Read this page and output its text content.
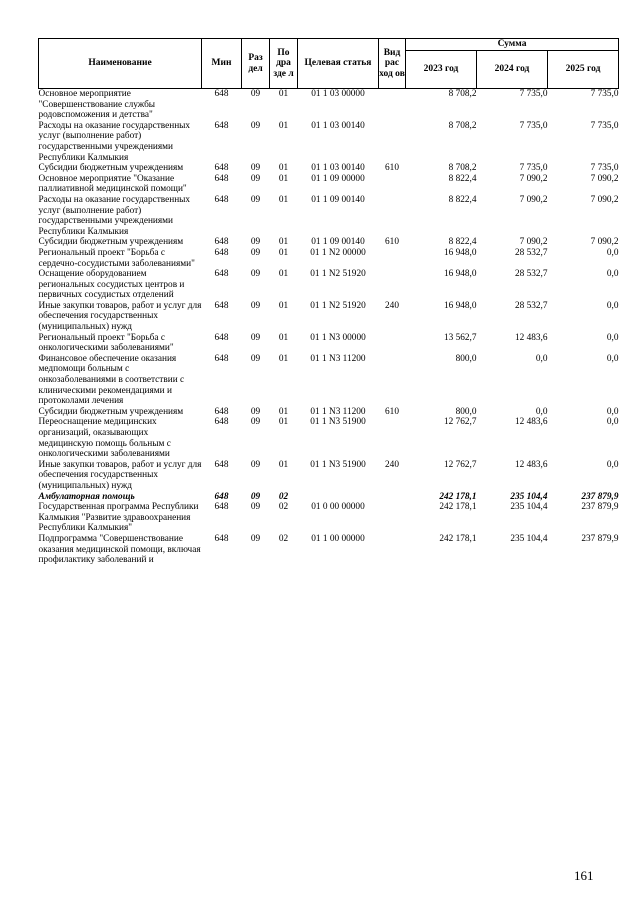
Наименование	Мин	Раз дел	По дра зде л	Целевая статья	Вид рас ход ов	Сумма		
						2023 год	2024 год	2025 год
Основное мероприятие "Совершенствование службы родовспоможения и детства"	648	09	01	01 1 03 00000		8 708,2	7 735,0	7 735,0
Расходы на оказание государственных услуг (выполнение работ) государственными учреждениями Республики Калмыкия	648	09	01	01 1 03 00140		8 708,2	7 735,0	7 735,0
Субсидии бюджетным учреждениям	648	09	01	01 1 03 00140	610	8 708,2	7 735,0	7 735,0
Основное мероприятие "Оказание паллиативной медицинской помощи"	648	09	01	01 1 09 00000		8 822,4	7 090,2	7 090,2
Расходы на оказание государственных услуг (выполнение работ) государственными учреждениями Республики Калмыкия	648	09	01	01 1 09 00140		8 822,4	7 090,2	7 090,2
Субсидии бюджетным учреждениям	648	09	01	01 1 09 00140	610	8 822,4	7 090,2	7 090,2
Региональный проект "Борьба с сердечно-сосудистыми заболеваниями"	648	09	01	01 1 N2 00000		16 948,0	28 532,7	0,0
Оснащение оборудованием региональных сосудистых центров и первичных сосудистых отделений	648	09	01	01 1 N2 51920		16 948,0	28 532,7	0,0
Иные закупки товаров, работ и услуг для обеспечения государственных (муниципальных) нужд	648	09	01	01 1 N2 51920	240	16 948,0	28 532,7	0,0
Региональный проект "Борьба с онкологическими заболеваниями"	648	09	01	01 1 N3 00000		13 562,7	12 483,6	0,0
Финансовое обеспечение оказания медпомощи больным с онкозаболеваниями в соответствии с клиническими рекомендациями и протоколами лечения	648	09	01	01 1 N3 11200		800,0	0,0	0,0
Субсидии бюджетным учреждениям	648	09	01	01 1 N3 11200	610	800,0	0,0	0,0
Переоснащение медицинских организаций, оказывающих медицинскую помощь больным с онкологическими заболеваниями	648	09	01	01 1 N3 51900		12 762,7	12 483,6	0,0
Иные закупки товаров, работ и услуг для обеспечения государственных (муниципальных) нужд	648	09	01	01 1 N3 51900	240	12 762,7	12 483,6	0,0
Амбулаторная помощь	648	09	02			242 178,1	235 104,4	237 879,9
Государственная программа Республики Калмыкия "Развитие здравоохранения Республики Калмыкия"	648	09	02	01 0 00 00000		242 178,1	235 104,4	237 879,9
Подпрограмма "Совершенствование оказания медицинской помощи, включая профилактику заболеваний и	648	09	02	01 1 00 00000		242 178,1	235 104,4	237 879,9
161
